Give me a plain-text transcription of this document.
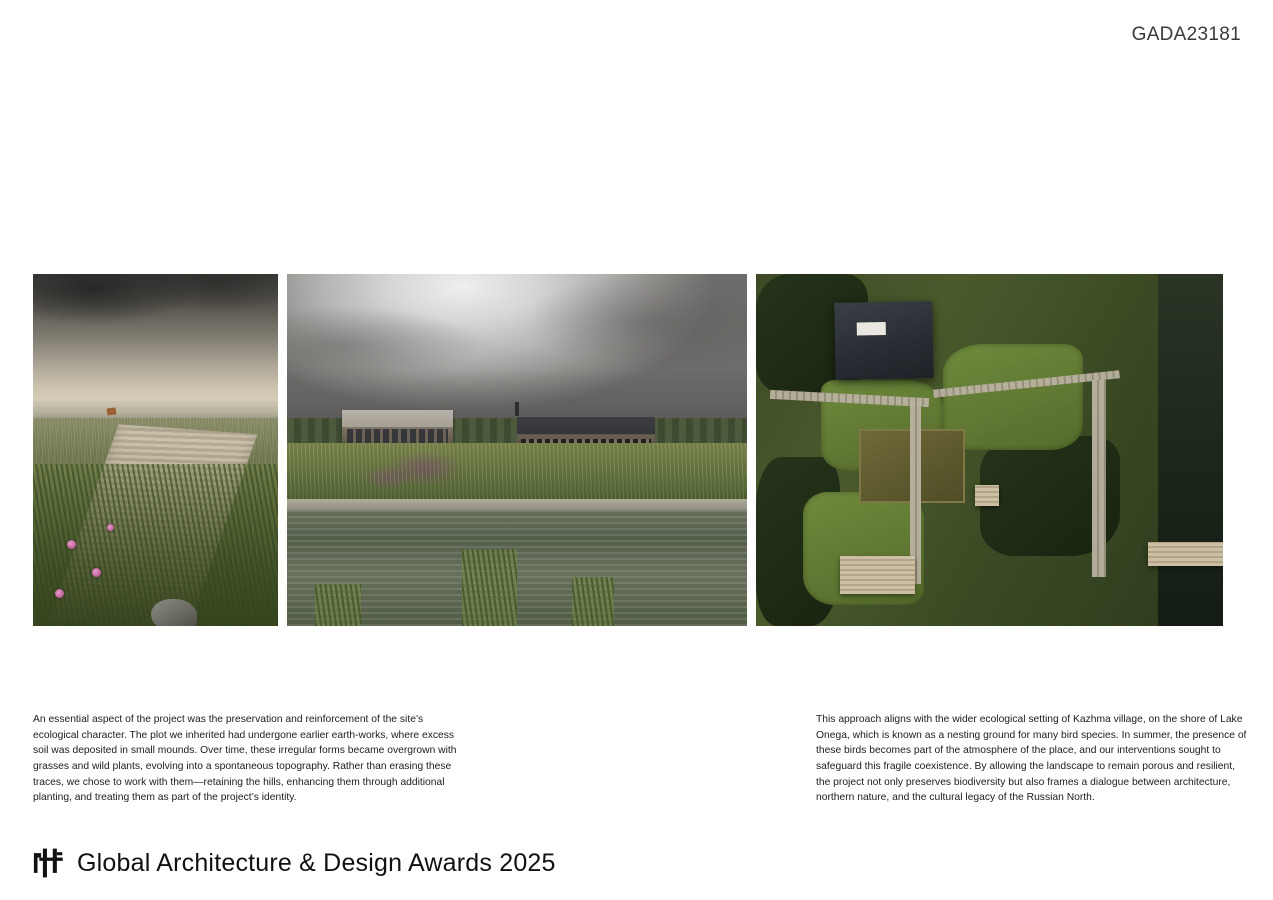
GADA23181

An essential aspect of the project was the preservation and reinforcement of the site’s ecological character. The plot we inherited had undergone earlier earth-works, where excess soil was deposited in small mounds. Over time, these irregular forms became overgrown with grasses and wild plants, evolving into a spontaneous topography. Rather than erasing these traces, we chose to work with them—retaining the hills, enhancing them through additional planting, and treating them as part of the project’s identity.

This approach aligns with the wider ecological setting of Kazhma village, on the shore of Lake Onega, which is known as a nesting ground for many bird species. In summer, the presence of these birds becomes part of the atmosphere of the place, and our interventions sought to safeguard this fragile coexistence. By allowing the landscape to remain porous and resilient, the project not only preserves biodiversity but also frames a dialogue between architecture, northern nature, and the cultural legacy of the Russian North.

Global Architecture & Design Awards 2025
